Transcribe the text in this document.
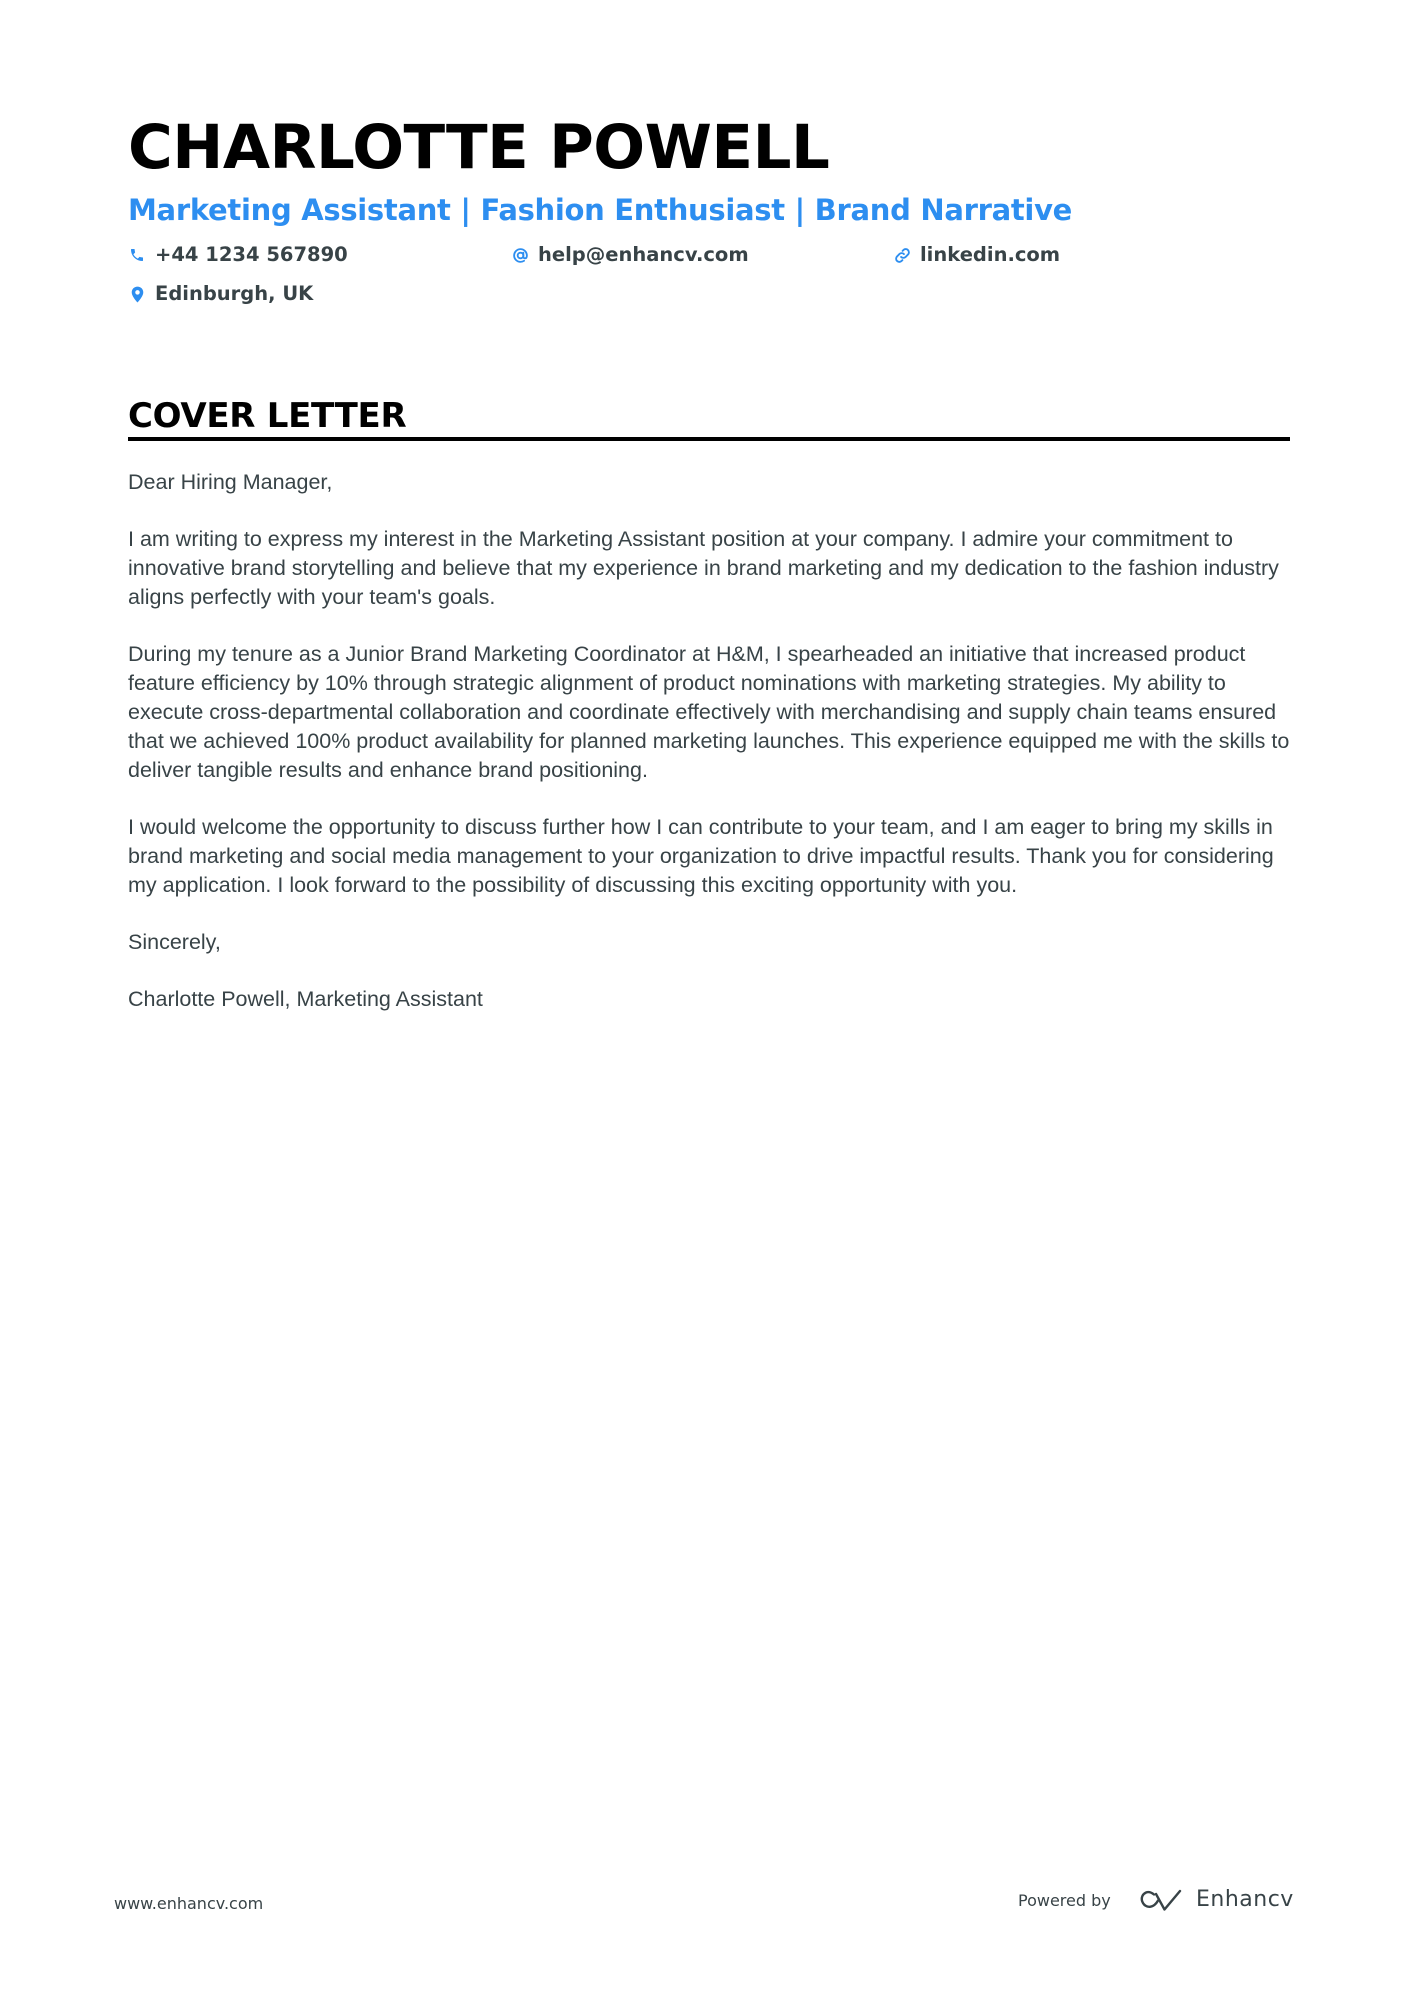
CHARLOTTE POWELL
Marketing Assistant | Fashion Enthusiast | Brand Narrative
+44 1234 567890	help@enhancv.com	linkedin.com
Edinburgh, UK
COVER LETTER

Dear Hiring Manager,

I am writing to express my interest in the Marketing Assistant position at your company. I admire your commitment to innovative brand storytelling and believe that my experience in brand marketing and my dedication to the fashion industry aligns perfectly with your team's goals.

During my tenure as a Junior Brand Marketing Coordinator at H&M, I spearheaded an initiative that increased product feature efficiency by 10% through strategic alignment of product nominations with marketing strategies. My ability to execute cross-departmental collaboration and coordinate effectively with merchandising and supply chain teams ensured that we achieved 100% product availability for planned marketing launches. This experience equipped me with the skills to deliver tangible results and enhance brand positioning.

I would welcome the opportunity to discuss further how I can contribute to your team, and I am eager to bring my skills in brand marketing and social media management to your organization to drive impactful results. Thank you for considering my application. I look forward to the possibility of discussing this exciting opportunity with you.

Sincerely,

Charlotte Powell, Marketing Assistant

www.enhancv.com	Powered by	Enhancv
